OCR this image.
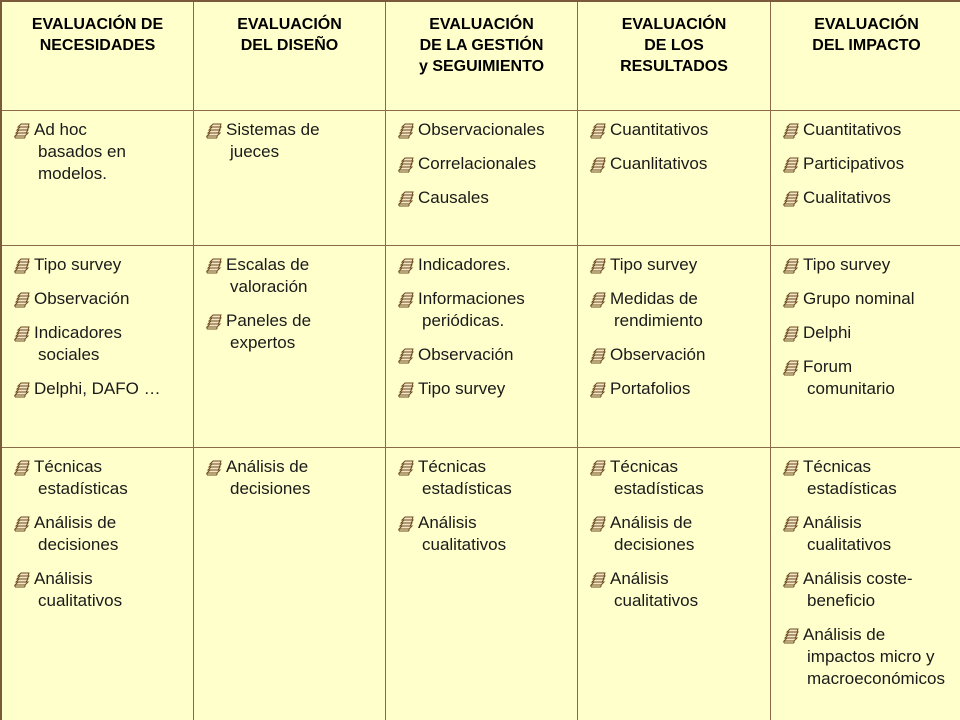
EVALUACIÓN DE
NECESIDADES
EVALUACIÓN
DEL DISEÑO
EVALUACIÓN
DE LA GESTIÓN
y SEGUIMIENTO
EVALUACIÓN
DE LOS
RESULTADOS
EVALUACIÓN
DEL IMPACTO
Ad hoc
basados en
modelos.
Sistemas de
jueces
Observacionales
Correlacionales
Causales
Cuantitativos
Cuanlitativos
Cuantitativos
Participativos
Cualitativos
Tipo survey
Observación
Indicadores
sociales
Delphi, DAFO …
Escalas de
valoración
Paneles de
expertos
Indicadores.
Informaciones
periódicas.
Observación
Tipo survey
Tipo survey
Medidas de
rendimiento
Observación
Portafolios
Tipo survey
Grupo nominal
Delphi
Forum
comunitario
Técnicas
estadísticas
Análisis de
decisiones
Análisis
cualitativos
Análisis de
decisiones
Técnicas
estadísticas
Análisis
cualitativos
Técnicas
estadísticas
Análisis de
decisiones
Análisis
cualitativos
Técnicas
estadísticas
Análisis
cualitativos
Análisis coste-
beneficio
Análisis de
impactos micro y
macroeconómicos
